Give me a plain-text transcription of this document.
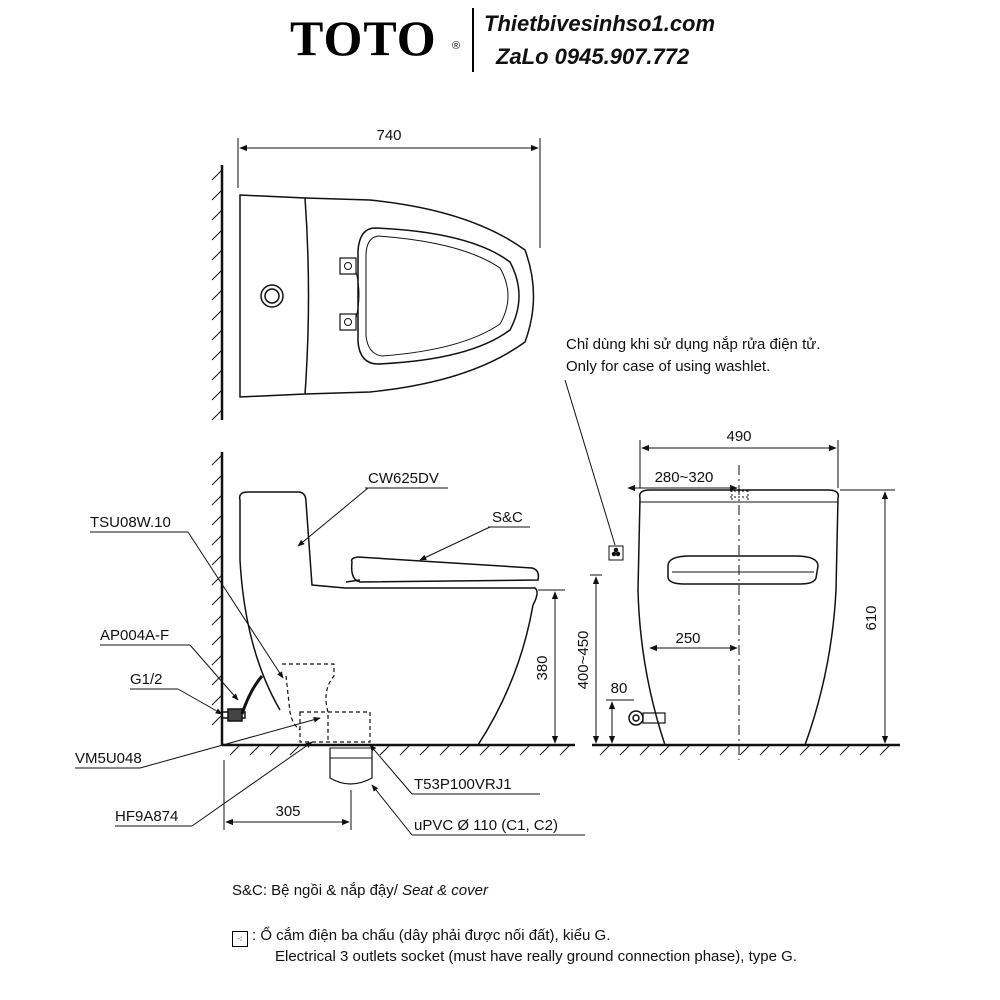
TOTO ®
Thietbivesinhso1.com
ZaLo 0945.907.772
740
380
305
CW625DV
S&C
TSU08W.10
AP004A-F
G1/2
VM5U048
HF9A874
T53P100VRJ1
uPVC Ø 110 (C1, C2)
490
280~320
250
80
610
400~450
Chỉ dùng khi sử dụng nắp rửa điện tử.
Only for case of using washlet.
S&C: Bệ ngồi & nắp đậy/ Seat & cover
⁖ : Ổ cắm điện ba chấu (dây phải được nối đất), kiểu G.
Electrical 3 outlets socket (must have really ground connection phase), type G.
